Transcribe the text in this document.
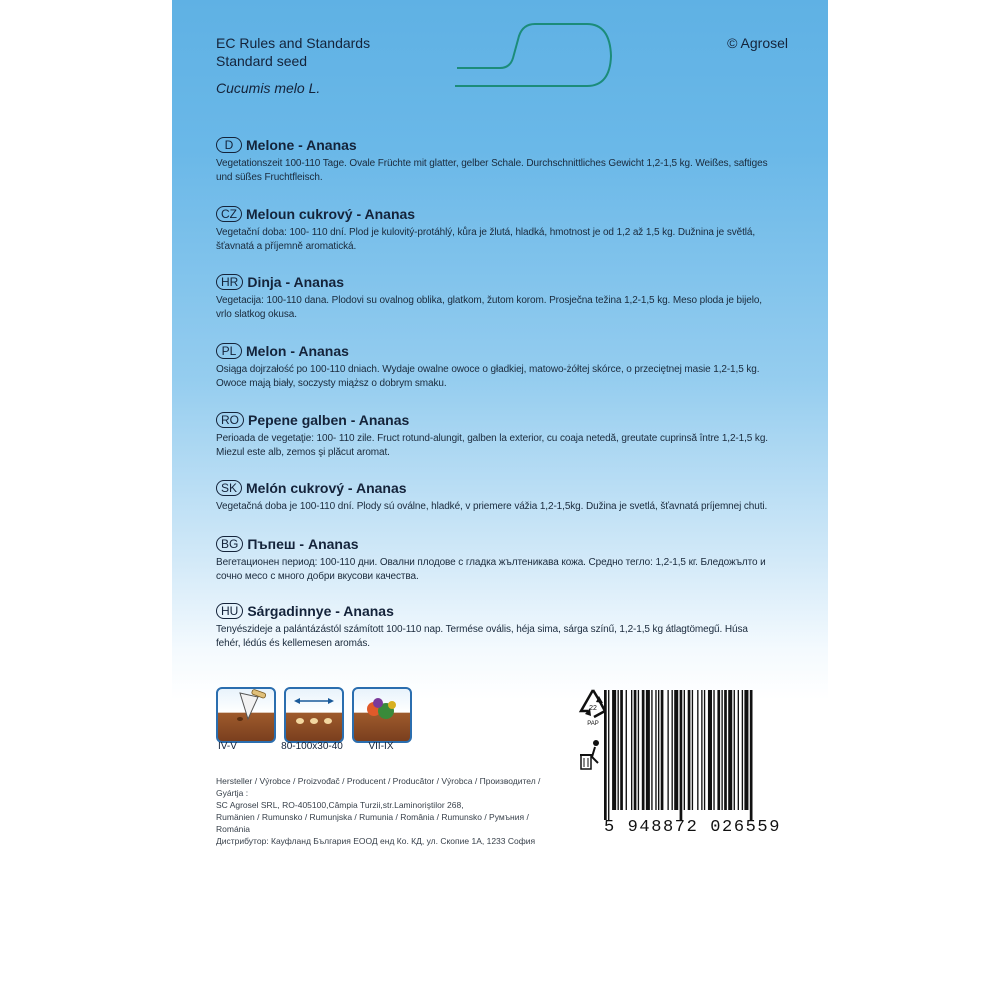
EC Rules and Standards
Standard seed
Cucumis melo L.
© Agrosel
D Melone - Ananas
Vegetationszeit 100-110 Tage. Ovale Früchte mit glatter, gelber Schale. Durchschnittliches Gewicht 1,2-1,5 kg. Weißes, saftiges und süßes Fruchtfleisch.
CZ Meloun cukrový - Ananas
Vegetační doba: 100- 110 dní. Plod je kulovitý-protáhlý, kůra je žlutá, hladká, hmotnost je od 1,2 až 1,5 kg. Dužnina je světlá, šťavnatá a příjemně aromatická.
HR Dinja - Ananas
Vegetacija: 100-110 dana. Plodovi su ovalnog oblika, glatkom, žutom korom. Prosječna težina 1,2-1,5 kg. Meso ploda je bijelo, vrlo slatkog okusa.
PL Melon - Ananas
Osiąga dojrzałość po 100-110 dniach. Wydaje owalne owoce o gładkiej, matowo-żółtej skórce, o przeciętnej masie 1,2-1,5 kg. Owoce mają biały, soczysty miąższ o dobrym smaku.
RO Pepene galben - Ananas
Perioada de vegetaţie: 100- 110 zile. Fruct rotund-alungit, galben la exterior, cu coaja netedă, greutate cuprinsă între 1,2-1,5 kg. Miezul este alb, zemos şi plăcut aromat.
SK Melón cukrový - Ananas
Vegetačná doba je 100-110 dní. Plody sú oválne, hladké, v priemere vážia 1,2-1,5kg. Dužina je svetlá, šťavnatá príjemnej chuti.
BG Пъпеш - Ananas
Вегетационен период: 100-110 дни. Овални плодове с гладка жълтеникава кожа. Средно тегло: 1,2-1,5 кг. Бледожълто и сочно месо с много добри вкусови качества.
HU Sárgadinnye - Ananas
Tenyészideje a palántázástól számított 100-110 nap. Termése ovális, héja sima, sárga színű, 1,2-1,5 kg átlagtömegű. Húsa fehér, lédús és kellemesen aromás.
IV-V	80-100x30-40	VII-IX
Hersteller / Výrobce / Proizvođač / Producent / Producător / Výrobca / Производител / Gyártja :
SC Agrosel SRL, RO-405100,Câmpia Turzii,str.Laminoriştilor 268,
Rumänien / Rumunsko / Rumunjska / Rumunia / România / Rumunsko / Румъния / Románia
Дистрибутор: Кауфланд България ЕООД енд Ко. КД, ул. Скопие 1А, 1233 София
22
PAP
5 948872 026559
